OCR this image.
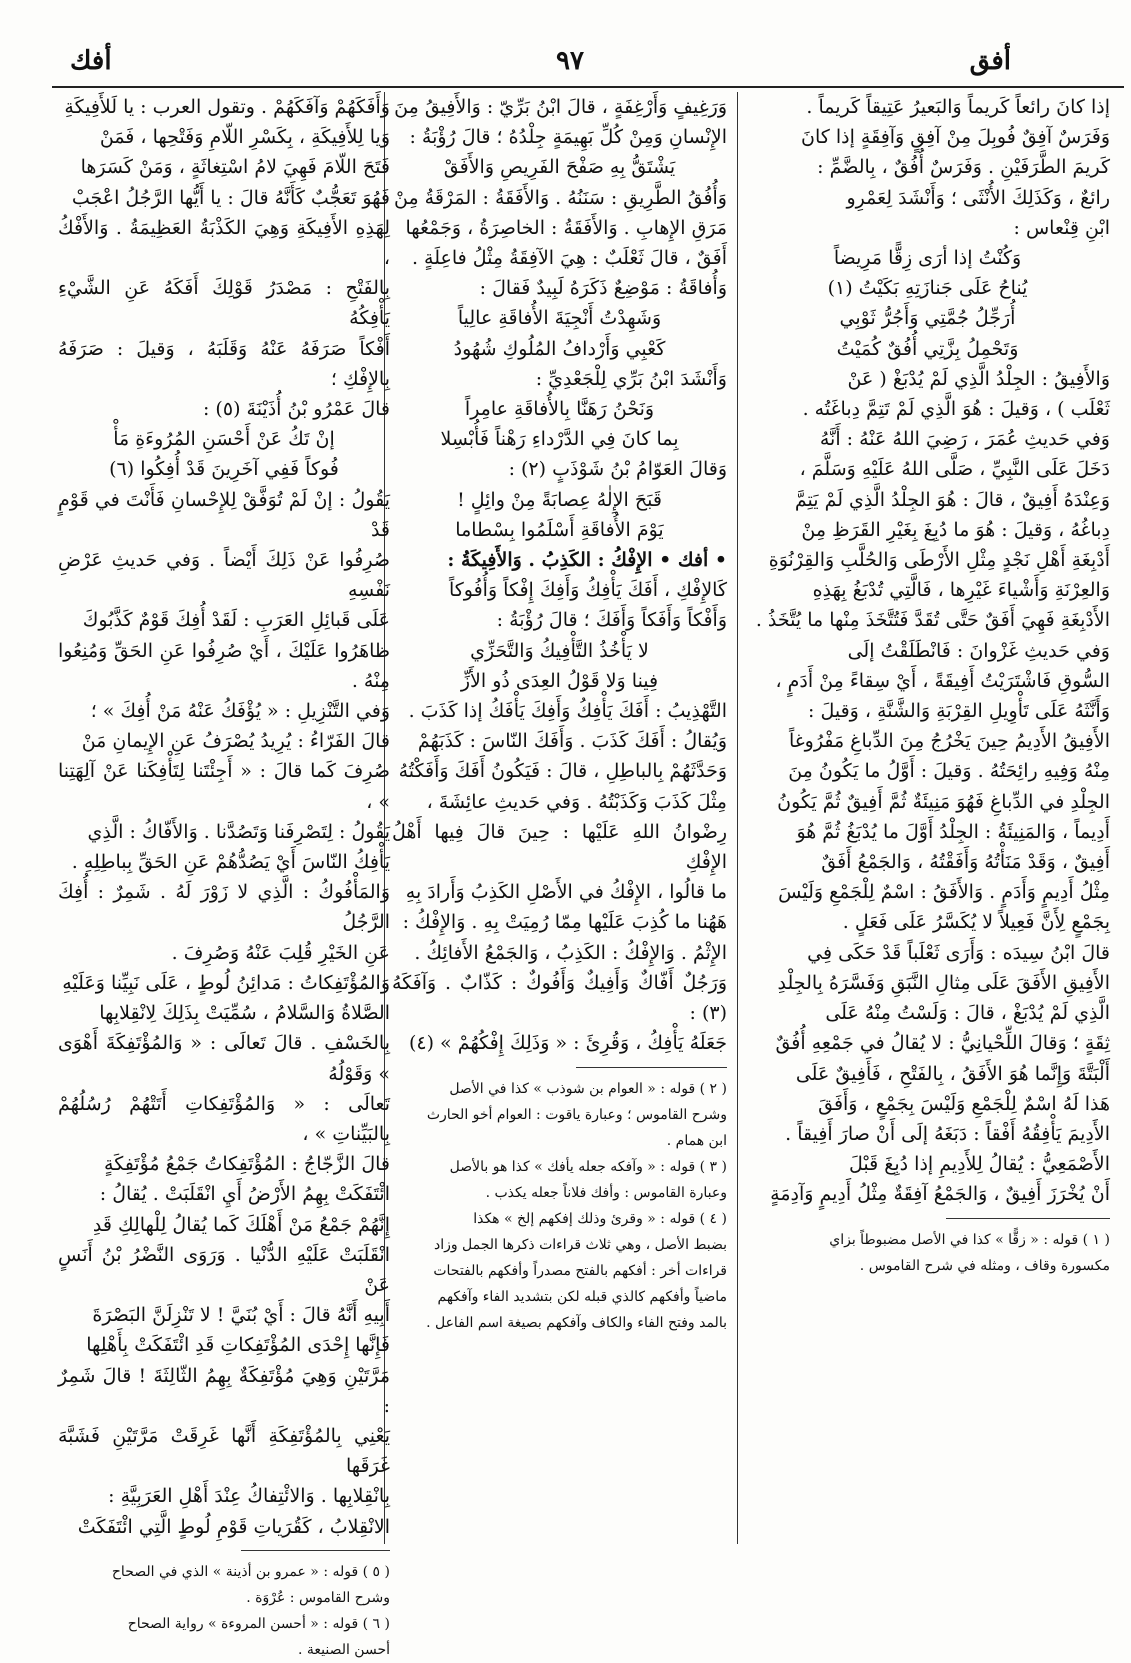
أفق
٩٧
أفك

إذا كانَ رائعاً كَريماً وَالبَعيرُ عَتِيقاً كَريماً .

وَفَرَسٌ آفِقٌ فُوبِلَ مِنْ آفِقٍ وَآفِقَةٍ إذا كانَ

كَريمَ الطَّرَفَيْنِ . وَفَرَسٌ أُفُقٌ ، بِالضَّمِّ :

رائعٌ ، وَكَذَلِكَ الأُنْثَى ؛ وَأَنْشَدَ لِعَمْرِو

ابْنِ قِنْعاس :

وَكُنْتُ إذا أرَى زِقًّا مَرِيضاً

يُناحُ عَلَى جَنازَتِهِ بَكَيْتُ (١)

أُرَجِّلُ جُمَّتِي وَأَجُرُّ ثَوْبِي

وَتَحْمِلُ بِزَّتِي أُفُقٌ كُمَيْتُ

وَالأَفِيقُ : الجِلْدُ الَّذِي لَمْ يُدْبَغْ ( عَنْ

ثَعْلَب ) ، وَقيلَ : هُوَ الَّذِي لَمْ تَتِمَّ دِباغَتُه .

وَفي حَديثِ عُمَرَ ، رَضِيَ اللهُ عَنْهُ : أَنَّهُ

دَخَلَ عَلَى النَّبِيِّ ، صَلَّى اللهُ عَلَيْهِ وَسَلَّمَ ،

وَعِنْدَهُ أَفِيقٌ ، قالَ : هُوَ الجِلْدُ الَّذِي لَمْ يَتِمَّ

دِباغُهُ ، وَقيلَ : هُوَ ما دُبِغَ بِغَيْرِ القَرَظِ مِنْ

أَدْبِغَةِ أَهْلِ نَجْدٍ مِثْلِ الأَرْطَى وَالحُلَّبِ وَالقِرْنُوَةِ

وَالعِرْنَةِ وَأَشْياءَ غَيْرِها ، فَالَّتِي تُدْبَغُ بِهَذِهِ

الأَدْبِغَةِ فَهِيَ أَفَقٌ حَتَّى تُقَدَّ فَتُتَّخَذَ مِنْها ما يُتَّخَذُ .

وَفي حَديثِ غَزْوانَ : فَانْطَلَقْتُ إلَى

السُّوقِ فَاشْتَرَيْتُ أَفِيقَةً ، أَيْ سِقاءً مِنْ أَدَمٍ ،

وَأَنَّثَهُ عَلَى تَأْوِيلِ القِرْبَةِ وَالشَّنَّةِ ، وَقيلَ :

الأَفِيقُ الأَدِيمُ حِينَ يَخْرُجُ مِنَ الدِّباغِ مَفْرُوغاً

مِنْهُ وَفِيهِ رائِحَتُهُ . وَقيلَ : أَوَّلُ ما يَكُونُ مِنَ

الجِلْدِ في الدِّباغِ فَهُوَ مَنِيئَةٌ ثُمَّ أَفِيقٌ ثُمَّ يَكُونُ

أَدِيماً ، وَالمَنِيئَةُ : الجِلْدُ أَوَّلَ ما يُدْبَغُ ثُمَّ هُوَ

أَفِيقٌ ، وَقَدْ مَنَأْتُهُ وَأَفَقْتُهُ ، وَالجَمْعُ أَفَقٌ

مِثْلُ أَدِيمٍ وَأَدَمٍ . وَالأَفَقُ : اسْمٌ لِلْجَمْعِ وَلَيْسَ

بِجَمْعٍ لِأَنَّ فَعِيلاً لا يُكَسَّرُ عَلَى فَعَلٍ .

قالَ ابْنُ سِيدَه : وَأَرَى ثَعْلَباً قَدْ حَكَى فِي

الأَفِيقِ الأَفَقَ عَلَى مِثالِ النَّبَقِ وَفَسَّرَهُ بِالجِلْدِ

الَّذِي لَمْ يُدْبَغْ ، قالَ : وَلَسْتُ مِنْهُ عَلَى

ثِقَةٍ ؛ وَقالَ اللِّحْيانِيُّ : لا يُقالُ في جَمْعِهِ أُفُقٌ

أَلْبَتَّةَ وَإِنَّما هُوَ الأَفَقُ ، بِالفَتْحِ ، فَأَفِيقٌ عَلَى

هَذا لَهُ اسْمٌ لِلْجَمْعِ وَلَيْسَ بِجَمْعٍ ، وَأَفَقَ

الأَدِيمَ يَأْفِقُهُ أَفْقاً : دَبَغَهُ إلَى أَنْ صارَ أَفِيقاً .

الأَصْمَعِيُّ : يُقالُ لِلأَدِيمِ إذا دُبِغَ قَبْلَ

أَنْ يُخْرَزَ أَفِيقٌ ، وَالجَمْعُ آفِقَةٌ مِثْلُ أَدِيمٍ وَآدِمَةٍ

( ١ ) قوله : « زقًّا » كذا في الأصل مضبوطاً بزاي

مكسورة وقاف ، ومثله في شرح القاموس .

وَرَغِيفٍ وَأَرْغِفَةٍ ، قالَ ابْنُ بَرِّيّ : وَالأَفِيقُ مِنَ

الإِنْسانِ وَمِنْ كُلِّ بَهِيمَةٍ جِلْدُهُ ؛ قالَ رُؤْبَةُ :

يَشْتَقُّ بِهِ صَفْحَ الفَرِيصِ وَالأَفَقْ

وَأُفُقُ الطَّرِيقِ : سَنَنُهُ . وَالأَفَقَةُ : المَرْقَةُ مِنْ

مَرَقِ الإِهابِ . وَالأَفَقَةُ : الخاصِرَةُ ، وَجَمْعُها

أَفَقٌ ، قالَ ثَعْلَبٌ : هِيَ الآفِقَةُ مِثْلُ فاعِلَةٍ .

وَأُفاقَةُ : مَوْضِعٌ ذَكَرَهُ لَبِيدٌ فَقالَ :

وَشَهِدْتُ أَنْجِيَةَ الأُفاقَةِ عالِياً

كَعْبِي وَأَرْدافُ المُلُوكِ شُهُودُ

وَأَنْشَدَ ابْنُ بَرِّي لِلْجَعْدِيِّ :

وَنَحْنُ رَهَنَّا بِالأُفاقَةِ عامِراً

بِما كانَ فِي الدَّرْداءِ رَهْناً فَأُبْسِلا

وَقالَ العَوّامُ بْنُ شَوْذَبٍ (٢) :

قَبَحَ الإِلٰهُ عِصابَةً مِنْ وائِلٍ !

يَوْمَ الأُفاقَةِ أَسْلَمُوا بِسْطاما

• أفك • الإِفْكُ : الكَذِبُ . وَالأَفِيكَةُ :

كَالإِفْكِ ، أَفَكَ يَأْفِكُ وَأَفِكَ إِفْكاً وَأُفُوكاً

وَأَفْكاً وَأَفَكاً وَأَفَكَ ؛ قالَ رُؤْبَةُ :

لا يَأْخُذُ التَّأْفِيكُ وَالتَّحَزِّي

فِينا وَلا قَوْلُ العِدَى ذُو الأَزِّ

التَّهْذِيبُ : أَفَكَ يَأْفِكُ وَأَفِكَ يَأْفَكُ إذا كَذَبَ .

وَيُقالُ : أَفَكَ كَذَبَ . وَأَفَكَ النّاسَ : كَذَبَهُمْ

وَحَدَّثَهُمْ بِالباطِلِ ، قالَ : فَيَكُونُ أَفَكَ وَأَفَكْتُهُ

مِثْلَ كَذَبَ وَكَذَبْتُهُ . وَفي حَديثِ عائِشَةَ ،

رِضْوانُ اللهِ عَلَيْها : حِينَ قالَ فِيها أَهْلُ الإِفْكِ

ما قالُوا ، الإِفْكُ في الأَصْلِ الكَذِبُ وَأَرادَ بِهِ

هَهُنا ما كُذِبَ عَلَيْها مِمّا رُمِيَتْ بِهِ . وَالإِفْكُ :

الإِثْمُ . وَالإِفْكُ : الكَذِبُ ، وَالجَمْعُ الأَفائِكُ .

وَرَجُلٌ أَفّاكٌ وَأَفِيكٌ وَأَفُوكٌ : كَذّابٌ . وَآفَكَهُ (٣) :

جَعَلَهُ يَأْفِكُ ، وَقُرِئَ : « وَذَلِكَ إِفْكُهُمْ » (٤)

( ٢ ) قوله : « العوام بن شوذب » كذا في الأصل

وشرح القاموس ؛ وعبارة ياقوت : العوام أخو الحارث

ابن همام .

( ٣ ) قوله : « وآفكه جعله يأفك » كذا هو بالأصل

وعبارة القاموس : وأفك فلاناً جعله يكذب .

( ٤ ) قوله : « وقرئ وذلك إفكهم إلخ » هكذا

بضبط الأصل ، وهي ثلاث قراءات ذكرها الجمل وزاد

قراءات أخر : أفكهم بالفتح مصدراً وأفكهم بالفتحات

ماضياً وأفكهم كالذي قبله لكن بتشديد الفاء وآفكهم

بالمد وفتح الفاء والكاف وآفكهم بصيغة اسم الفاعل .

وَأَفَكَهُمْ وَآفَكَهُمْ . وتقول العرب : يا لَلأَفِيكَةِ

وَيا لِلأَفِيكَةِ ، بِكَسْرِ اللّامِ وَفَتْحِها ، فَمَنْ

فَتَحَ اللّامَ فَهِيَ لامُ اسْتِغاثَةٍ ، وَمَنْ كَسَرَها

فَهُوَ تَعَجُّبٌ كَأَنَّهُ قالَ : يا أَيُّها الرَّجُلُ اعْجَبْ

لِهَذِهِ الأَفِيكَةِ وَهِيَ الكَذْبَةُ العَظِيمَةُ . وَالأَفْكُ ،

بِالفَتْحِ : مَصْدَرُ قَوْلِكَ أَفَكَهُ عَنِ الشَّيْءِ يَأْفِكُهُ

أَفْكاً صَرَفَهُ عَنْهُ وَقَلَبَهُ ، وَقيلَ : صَرَفَهُ بِالإِفْكِ ؛

قالَ عَمْرُو بْنُ أُذَيْنَةَ (٥) :

إنْ تَكُ عَنْ أَحْسَنِ المُرُوءَةِ مَأْ

فُوكاً فَفِي آخَرِينَ قَدْ أُفِكُوا (٦)

يَقُولُ : إنْ لَمْ تُوَفَّقْ لِلإِحْسانِ فَأَنْتَ في قَوْمٍ قَدْ

صُرِفُوا عَنْ ذَلِكَ أَيْضاً . وَفي حَديثِ عَرْضِ نَفْسِهِ

عَلَى قَبائِلِ العَرَبِ : لَقَدْ أُفِكَ قَوْمٌ كَذَّبُوكَ

ظاهَرُوا عَلَيْكَ ، أَيْ صُرِفُوا عَنِ الحَقِّ وَمُنِعُوا مِنْهُ .

وَفي التَّنْزِيلِ : « يُؤْفَكُ عَنْهُ مَنْ أُفِكَ » ؛

قالَ الفَرّاءُ : يُرِيدُ يُصْرَفُ عَنِ الإِيمانِ مَنْ

صُرِفَ كَما قالَ : « أَجِئْتَنا لِتَأْفِكَنا عَنْ آلِهَتِنا » ،

يَقُولُ : لِتَصْرِفَنا وَتَصُدَّنا . وَالأَفّاكُ : الَّذِي

يَأْفِكُ النّاسَ أَيْ يَصُدُّهُمْ عَنِ الحَقِّ بِباطِلِهِ .

وَالمَأْفُوكُ : الَّذِي لا زَوْرَ لَهُ . شَمِرٌ : أُفِكَ الرَّجُلُ

عَنِ الخَيْرِ قُلِبَ عَنْهُ وَصُرِفَ .

وَالمُؤْتَفِكاتُ : مَدائِنُ لُوطٍ ، عَلَى نَبِيِّنا وَعَلَيْهِ

الصَّلاةُ وَالسَّلامُ ، سُمِّيَتْ بِذَلِكَ لِانْقِلابِها

بِالخَسْفِ . قالَ تَعالَى : « وَالمُؤْتَفِكَةَ أَهْوَى » وَقَوْلُهُ

تَعالَى : « وَالمُؤْتَفِكاتِ أَتَتْهُمْ رُسُلُهُمْ بِالبَيِّناتِ » ،

قالَ الزَّجّاجُ : المُؤْتَفِكاتُ جَمْعُ مُؤْتَفِكَةٍ

ائْتَفَكَتْ بِهِمُ الأَرْضُ أَيِ انْقَلَبَتْ . يُقالُ :

إِنَّهُمْ جَمْعُ مَنْ أَهْلَكَ كَما يُقالُ لِلْهالِكِ قَدِ

انْقَلَبَتْ عَلَيْهِ الدُّنْيا . وَرَوَى النَّضْرُ بْنُ أَنَسٍ عَنْ

أَبِيهِ أَنَّهُ قالَ : أَيْ بُنَيَّ ! لا تَنْزِلَنَّ البَصْرَةَ

فَإِنَّها إِحْدَى المُؤْتَفِكاتِ قَدِ ائْتَفَكَتْ بِأَهْلِها

مَرَّتَيْنِ وَهِيَ مُؤْتَفِكَةٌ بِهِمُ الثّالِثَةَ ! قالَ شَمِرٌ :

يَعْنِي بِالمُؤْتَفِكَةِ أَنَّها غَرِقَتْ مَرَّتَيْنِ فَشَبَّهَ غَرَقَها

بِانْقِلابِها . وَالائْتِفاكُ عِنْدَ أَهْلِ العَرَبِيَّةِ :

الانْقِلابُ ، كَقُرَياتِ قَوْمِ لُوطٍ الَّتِي ائْتَفَكَتْ

( ٥ ) قوله : « عمرو بن أذينة » الذي في الصحاح

وشرح القاموس : عُرْوَة .

( ٦ ) قوله : « أحسن المروءة » رواية الصحاح

أحسن الصنيعة .
